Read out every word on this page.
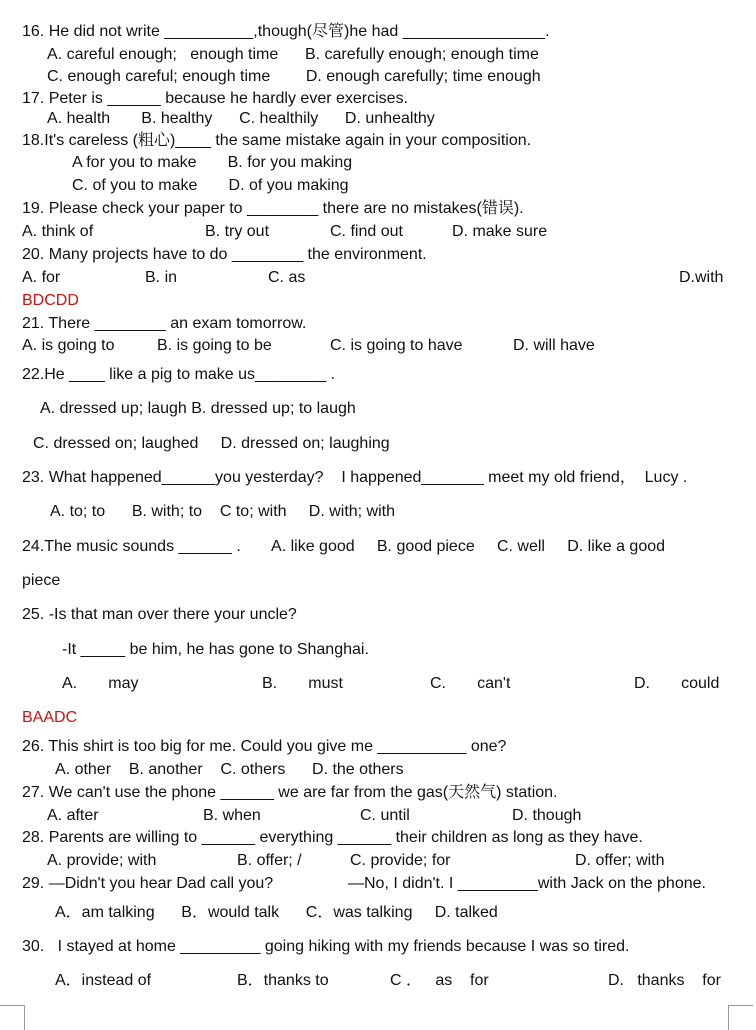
16. He did not write __________,though(尽管)he had ________________.
A. careful enough;   enough time      B. carefully enough; enough time
C. enough careful; enough time        D. enough carefully; time enough
17. Peter is ______ because he hardly ever exercises.
A. health       B. healthy      C. healthily      D. unhealthy
18.It's careless (粗心)____ the same mistake again in your composition.
A for you to make       B. for you making
C. of you to make       D. of you making
19. Please check your paper to ________ there are no mistakes(错误).
A. think of	B. try out	C. find out	D. make sure
20. Many projects have to do ________ the environment.
A. for	B. in	C. as	D.with
BDCDD
21. There ________ an exam tomorrow.
A. is going to	B. is going to be	C. is going to have	D. will have
22.He ____ like a pig to make us________ .
A. dressed up; laugh B. dressed up; to laugh
C. dressed on; laughed     D. dressed on; laughing
23. What happened______you yesterday?    I happened_______ meet my old friend，  Lucy .
A. to; to      B. with; to    C to; with     D. with; with
24.The music sounds ______ .       A. like good     B. good piece     C. well     D. like a good
piece
25. -Is that man over there your uncle?
-It _____ be him, he has gone to Shanghai.
A.       may	B.       must	C.       can't	D.       could
BAADC
26. This shirt is too big for me. Could you give me __________ one?
A. other    B. another    C. others      D. the others
27. We can't use the phone ______ we are far from the gas(天然气) station.
A. after	B. when	C. until	D. though
28. Parents are willing to ______ everything ______ their children as long as they have.
A. provide; with	B. offer; /	C. provide; for	D. offer; with
29. —Didn't you hear Dad call you?	—No, I didn't. I _________with Jack on the phone.
A．am talking      B．would talk      C．was talking     D. talked
30.   I stayed at home _________ going hiking with my friends because I was so tired.
A．instead of	B．thanks to	C ．   as    for	D.   thanks    for
